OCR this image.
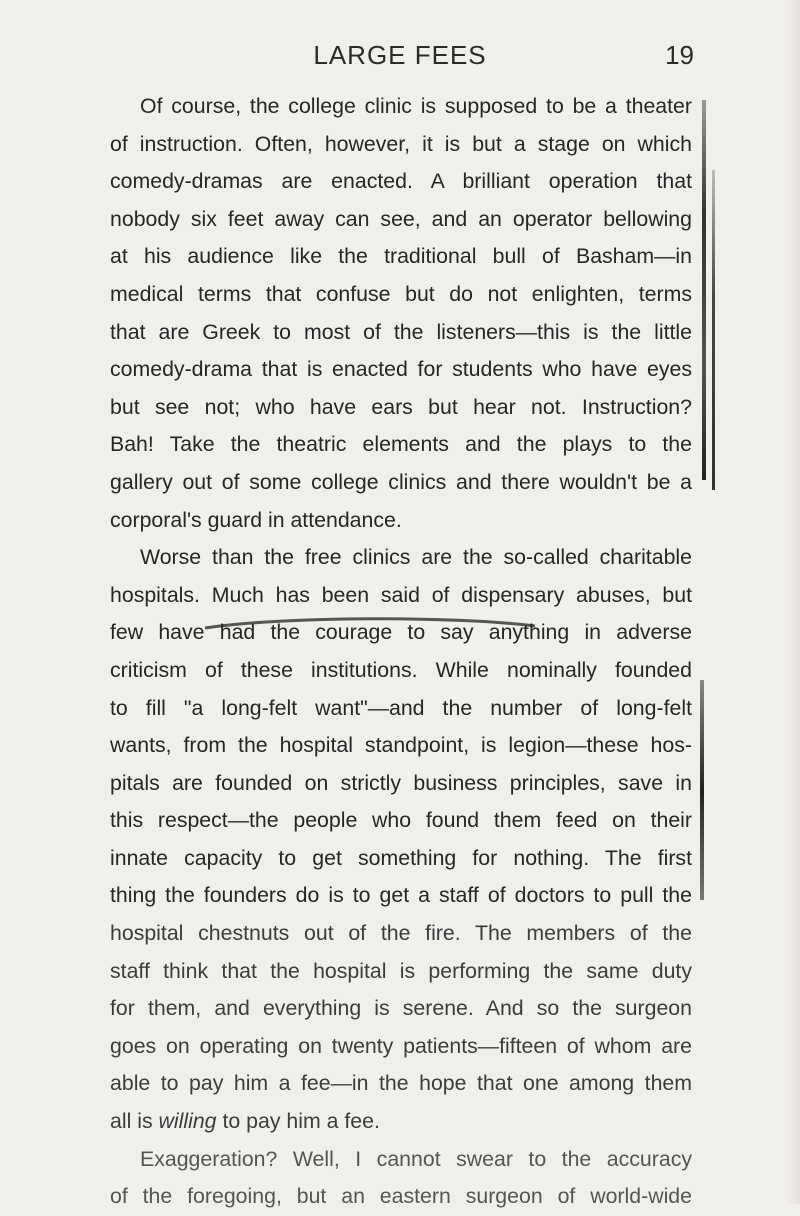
LARGE FEES	19
Of course, the college clinic is supposed to be a theater
of instruction. Often, however, it is but a stage on which
comedy-dramas are enacted. A brilliant operation that
nobody six feet away can see, and an operator bellowing
at his audience like the traditional bull of Basham—in
medical terms that confuse but do not enlighten, terms
that are Greek to most of the listeners—this is the little
comedy-drama that is enacted for students who have eyes
but see not; who have ears but hear not. Instruction?
Bah! Take the theatric elements and the plays to the
gallery out of some college clinics and there wouldn't be a
corporal's guard in attendance.
Worse than the free clinics are the so-called charitable
hospitals. Much has been said of dispensary abuses, but
few have had the courage to say anything in adverse
criticism of these institutions. While nominally founded
to fill "a long-felt want"—and the number of long-felt
wants, from the hospital standpoint, is legion—these hos-
pitals are founded on strictly business principles, save in
this respect—the people who found them feed on their
innate capacity to get something for nothing. The first
thing the founders do is to get a staff of doctors to pull the
hospital chestnuts out of the fire. The members of the
staff think that the hospital is performing the same duty
for them, and everything is serene. And so the surgeon
goes on operating on twenty patients—fifteen of whom are
able to pay him a fee—in the hope that one among them
all is willing to pay him a fee.
Exaggeration? Well, I cannot swear to the accuracy
of the foregoing, but an eastern surgeon of world-wide
